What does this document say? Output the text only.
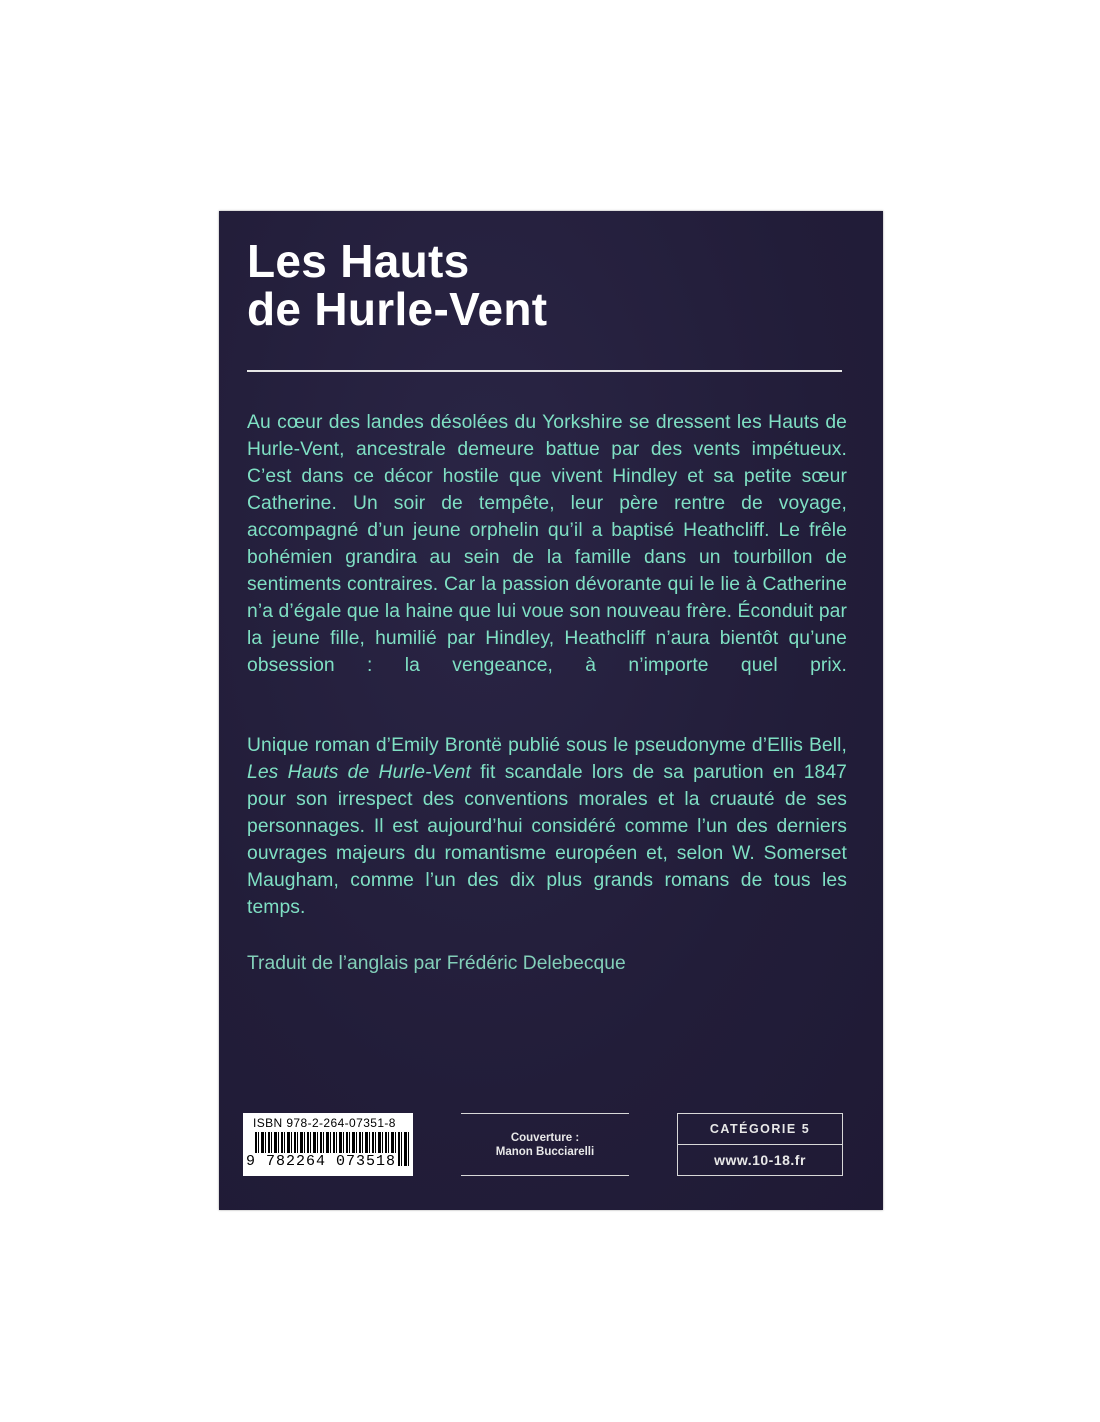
Les Hauts
de Hurle-Vent

Au cœur des landes désolées du Yorkshire se dressent les Hauts de Hurle-Vent, ancestrale demeure battue par des vents impétueux. C’est dans ce décor hostile que vivent Hindley et sa petite sœur Catherine. Un soir de tempête, leur père rentre de voyage, accompagné d’un jeune orphelin qu’il a baptisé Heathcliff. Le frêle bohémien grandira au sein de la famille dans un tourbillon de sentiments contraires. Car la passion dévorante qui le lie à Catherine n’a d’égale que la haine que lui voue son nouveau frère. Éconduit par la jeune fille, humilié par Hindley, Heathcliff n’aura bientôt qu’une obsession : la vengeance, à n’importe quel prix.

Unique roman d’Emily Brontë publié sous le pseudonyme d’Ellis Bell, Les Hauts de Hurle-Vent fit scandale lors de sa parution en 1847 pour son irrespect des conventions morales et la cruauté de ses personnages. Il est aujourd’hui considéré comme l’un des derniers ouvrages majeurs du romantisme européen et, selon W. Somerset Maugham, comme l’un des dix plus grands romans de tous les temps.

Traduit de l’anglais par Frédéric Delebecque

ISBN 978-2-264-07351-8
9 782264 073518
Couverture :
Manon Bucciarelli
CATÉGORIE 5
www.10-18.fr
